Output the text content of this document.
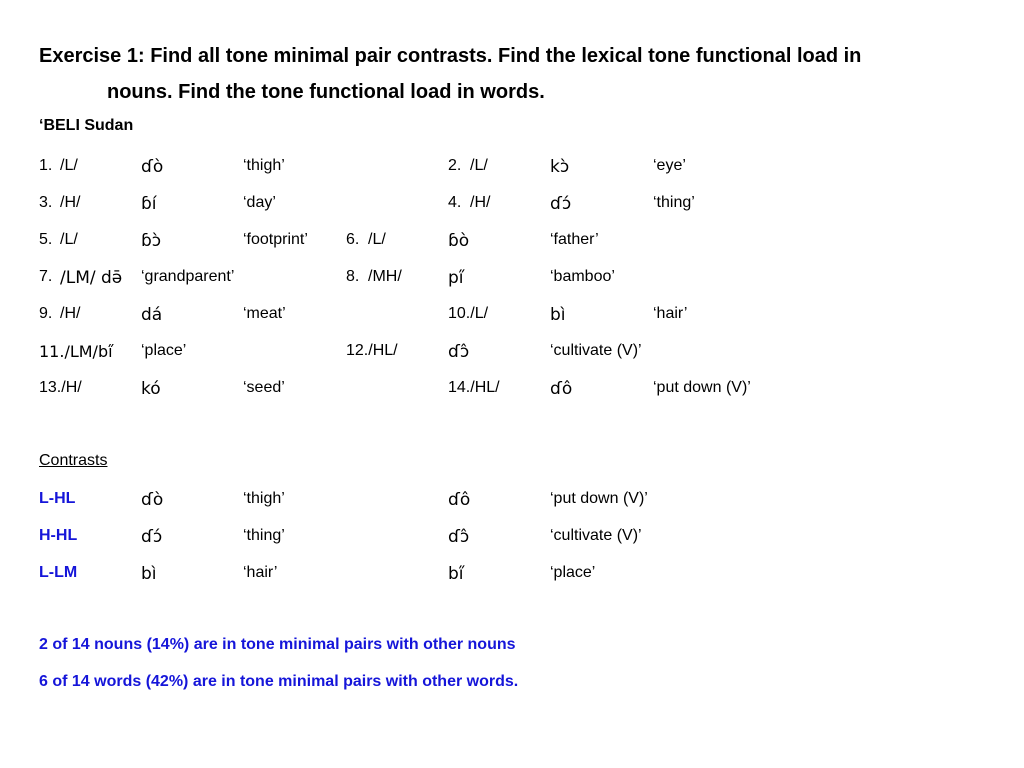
Exercise 1: Find all tone minimal pair contrasts. Find the lexical tone functional load in
nouns. Find the tone functional load in words.
‘BELI Sudan
1. /L/	ɗò	‘thigh’	2. /L/	kɔ̀	‘eye’
3. /H/	ɓí	‘day’	4. /H/	ɗɔ́	‘thing’
5. /L/	ɓɔ̀	‘footprint’ 6. /L/	ɓò	‘father’
7. /LM/ də̄ ‘grandparent’	8. /MH/	pi̋	‘bamboo’
9. /H/	dá	‘meat’	10./L/	bì	‘hair’
11./LM/bi̋ ‘place’	12./HL/	ɗɔ̂	‘cultivate (V)’
13./H/	kó	‘seed’	14./HL/	ɗô	‘put down (V)’
Contrasts
L-HL	ɗò	‘thigh’	ɗô	‘put down (V)’
H-HL	ɗɔ́	‘thing’	ɗɔ̂	‘cultivate (V)’
L-LM	bì	‘hair’	bi̋	‘place’
2 of 14 nouns (14%) are in tone minimal pairs with other nouns
6 of 14 words (42%) are in tone minimal pairs with other words.
